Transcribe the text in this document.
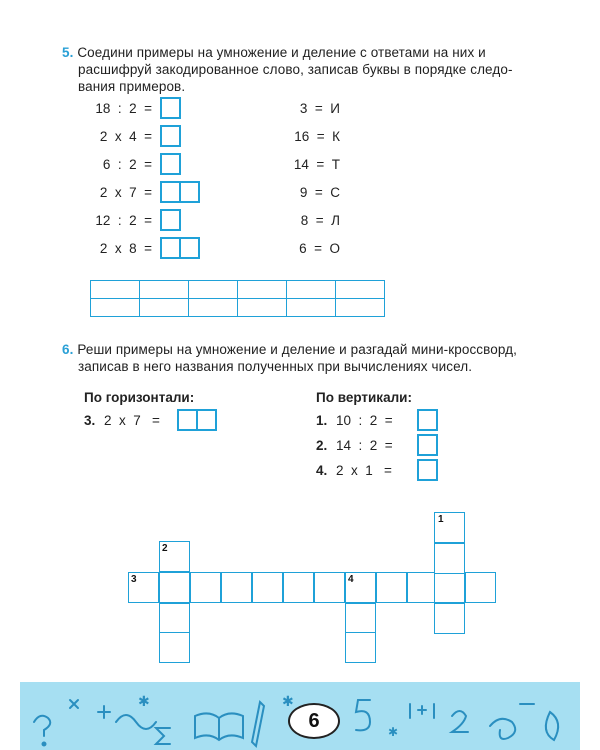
5. Соедини примеры на умножение и деление с ответами на них и
расшифруй закодированное слово, записав буквы в порядке следо-
вания примеров.
18  :  2  =
2  x  4  =
6  :  2  =
2  x  7  =
12  :  2  =
2  x  8  =
3  =  И
16  =  К
14  =  Т
9  =  С
8  =  Л
6  =  О

6. Реши примеры на умножение и деление и разгадай мини-кроссворд,
записав в него названия полученных при вычислениях чисел.
По горизонтали:
3. 2  x  7   =
По вертикали:
1. 10  :  2  =
2. 14  :  2  =
4. 2  x  1   =
1
2
3	4
✱	✱
✱
6
